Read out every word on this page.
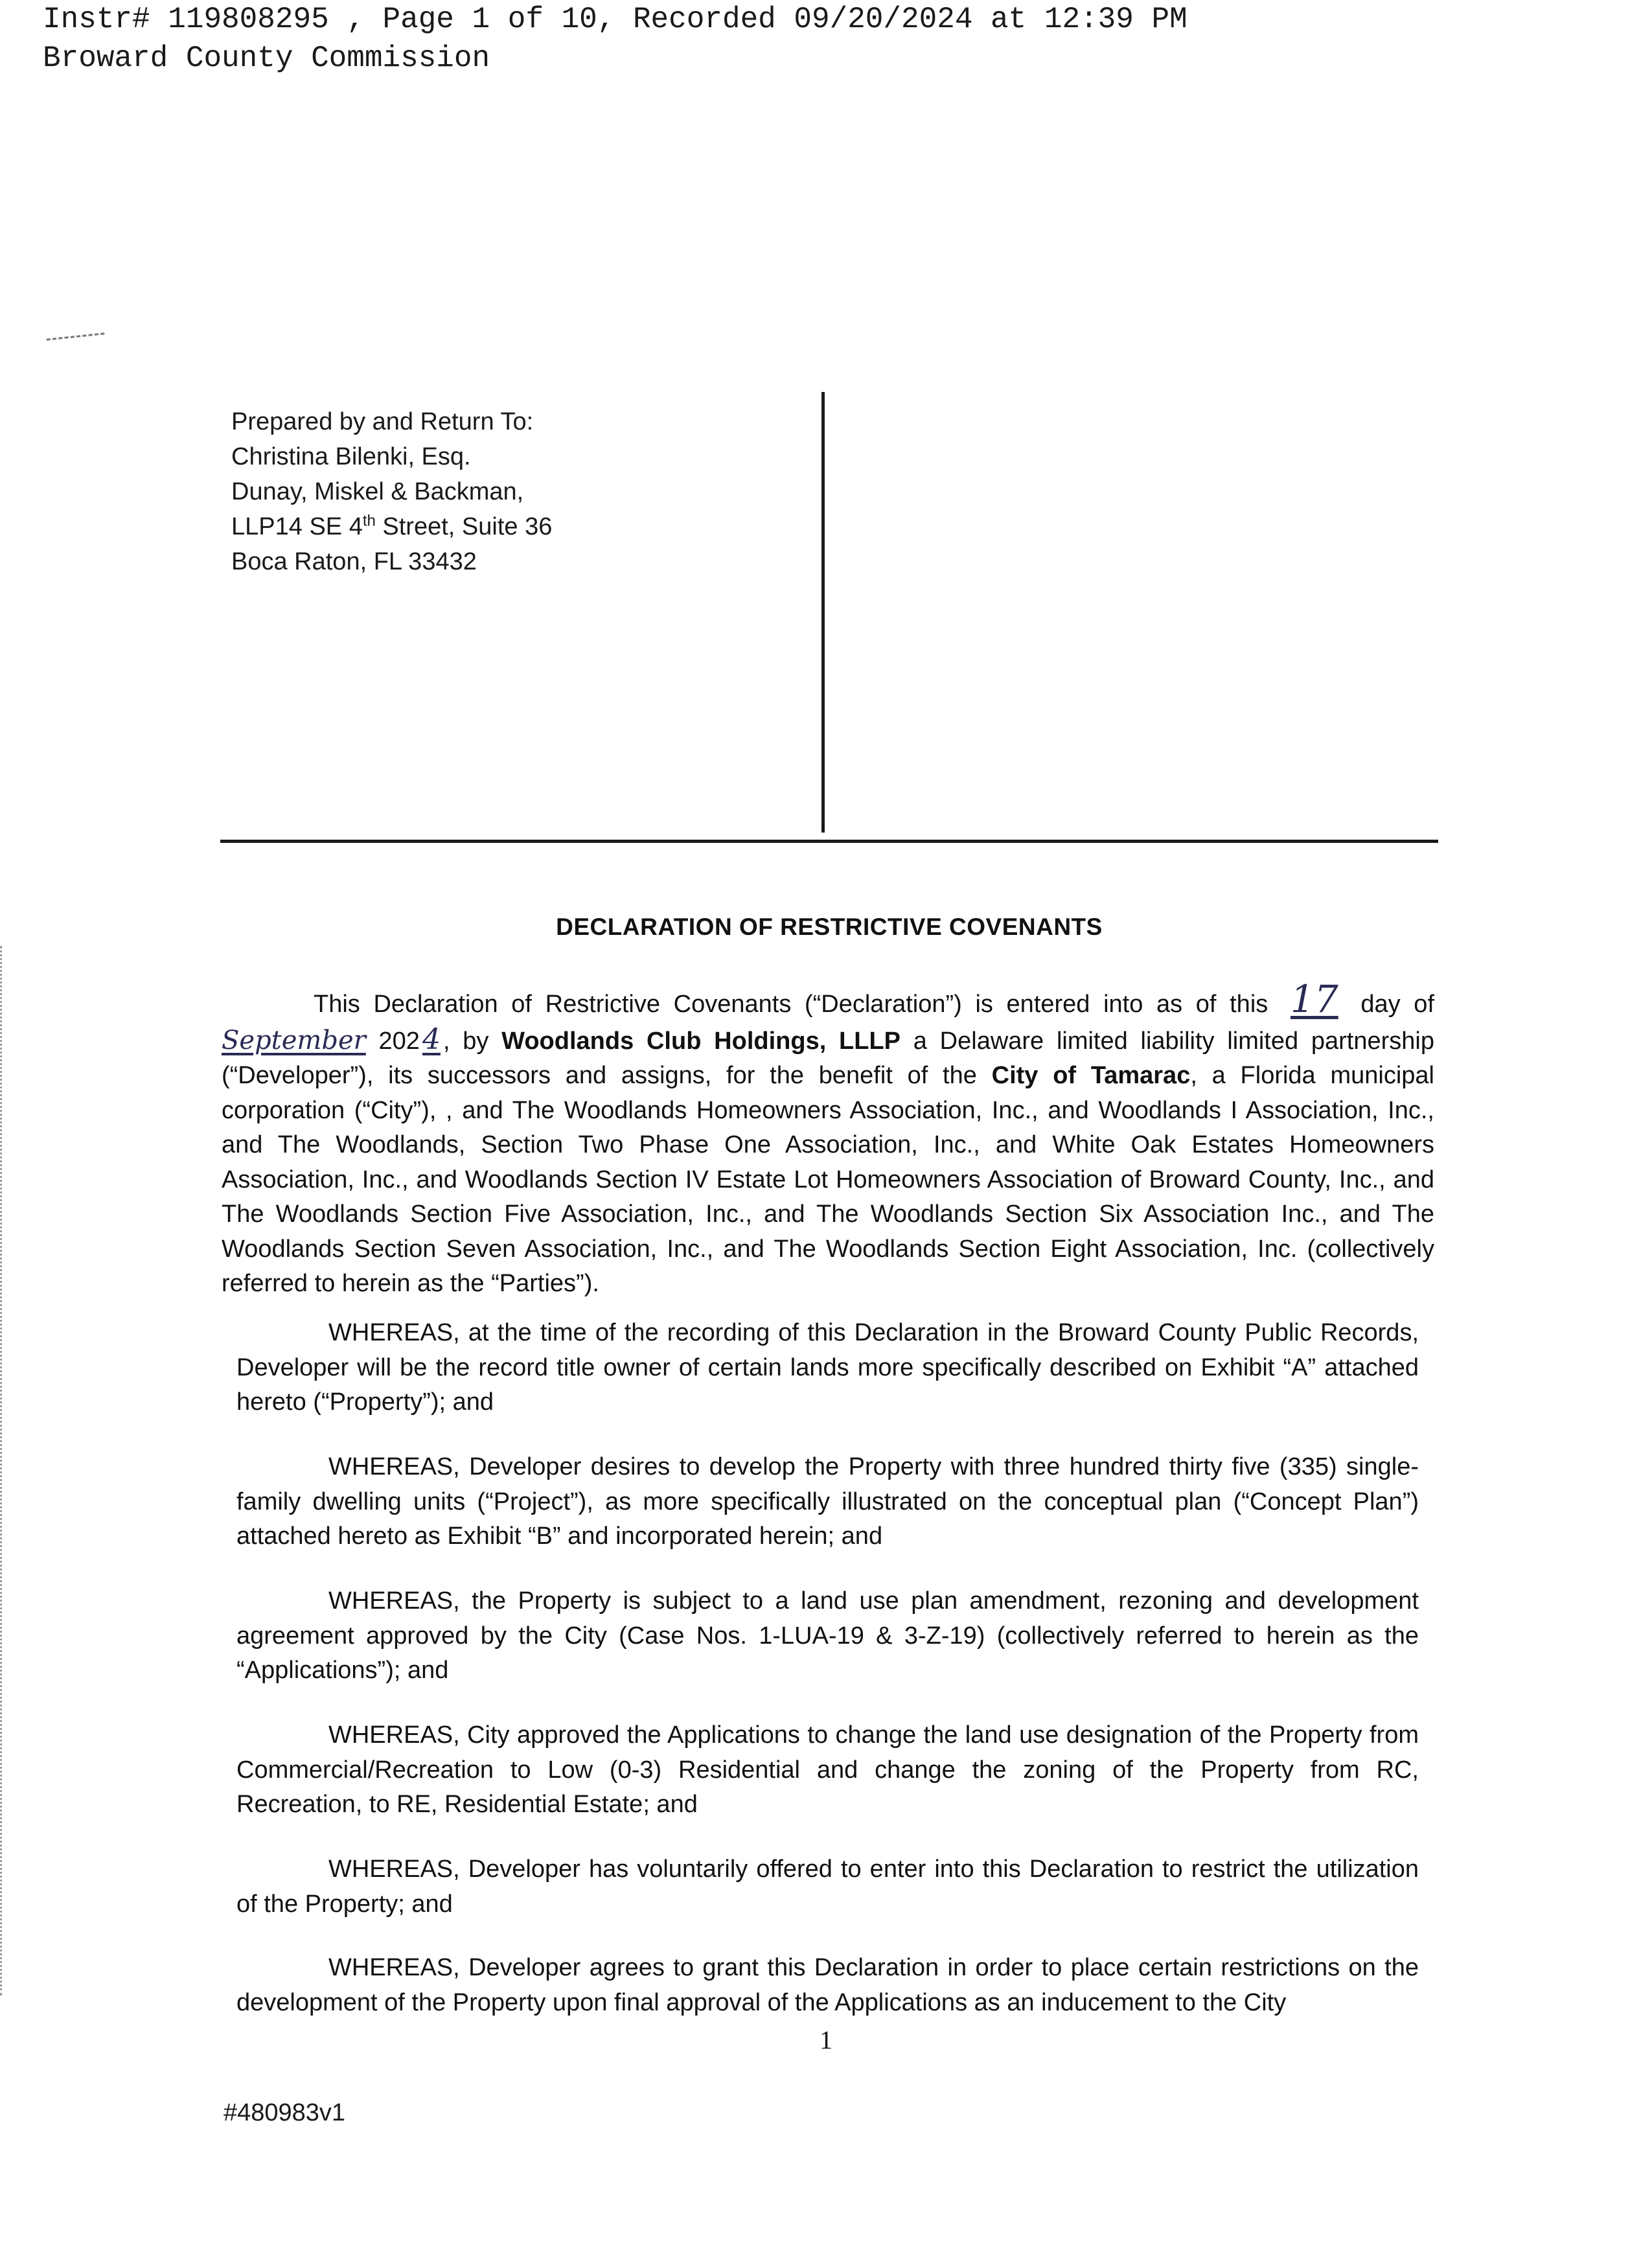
Instr# 119808295 , Page 1 of 10, Recorded 09/20/2024 at 12:39 PM
Broward County Commission
Prepared by and Return To:
Christina Bilenki, Esq.
Dunay, Miskel & Backman,
LLP14 SE 4th Street, Suite 36
Boca Raton, FL 33432
DECLARATION OF RESTRICTIVE COVENANTS
This Declaration of Restrictive Covenants (“Declaration”) is entered into as of this 17 day of September 2024 , by Woodlands Club Holdings, LLLP a Delaware limited liability limited partnership (“Developer”), its successors and assigns, for the benefit of the City of Tamarac, a Florida municipal corporation (“City”), , and The Woodlands Homeowners Association, Inc., and Woodlands I Association, Inc., and The Woodlands, Section Two Phase One Association, Inc., and White Oak Estates Homeowners Association, Inc., and Woodlands Section IV Estate Lot Homeowners Association of Broward County, Inc., and The Woodlands Section Five Association, Inc., and The Woodlands Section Six Association Inc., and The Woodlands Section Seven Association, Inc., and The Woodlands Section Eight Association, Inc. (collectively referred to herein as the “Parties”).
WHEREAS, at the time of the recording of this Declaration in the Broward County Public Records, Developer will be the record title owner of certain lands more specifically described on Exhibit “A” attached hereto (“Property”); and
WHEREAS, Developer desires to develop the Property with three hundred thirty five (335) single-family dwelling units (“Project”), as more specifically illustrated on the conceptual plan (“Concept Plan”) attached hereto as Exhibit “B” and incorporated herein; and
WHEREAS, the Property is subject to a land use plan amendment, rezoning and development agreement approved by the City (Case Nos. 1-LUA-19 & 3-Z-19) (collectively referred to herein as the “Applications”); and
WHEREAS, City approved the Applications to change the land use designation of the Property from Commercial/Recreation to Low (0-3) Residential and change the zoning of the Property from RC, Recreation, to RE, Residential Estate; and
WHEREAS, Developer has voluntarily offered to enter into this Declaration to restrict the utilization of the Property; and
WHEREAS, Developer agrees to grant this Declaration in order to place certain restrictions on the development of the Property upon final approval of the Applications as an inducement to the City
1
#480983v1
